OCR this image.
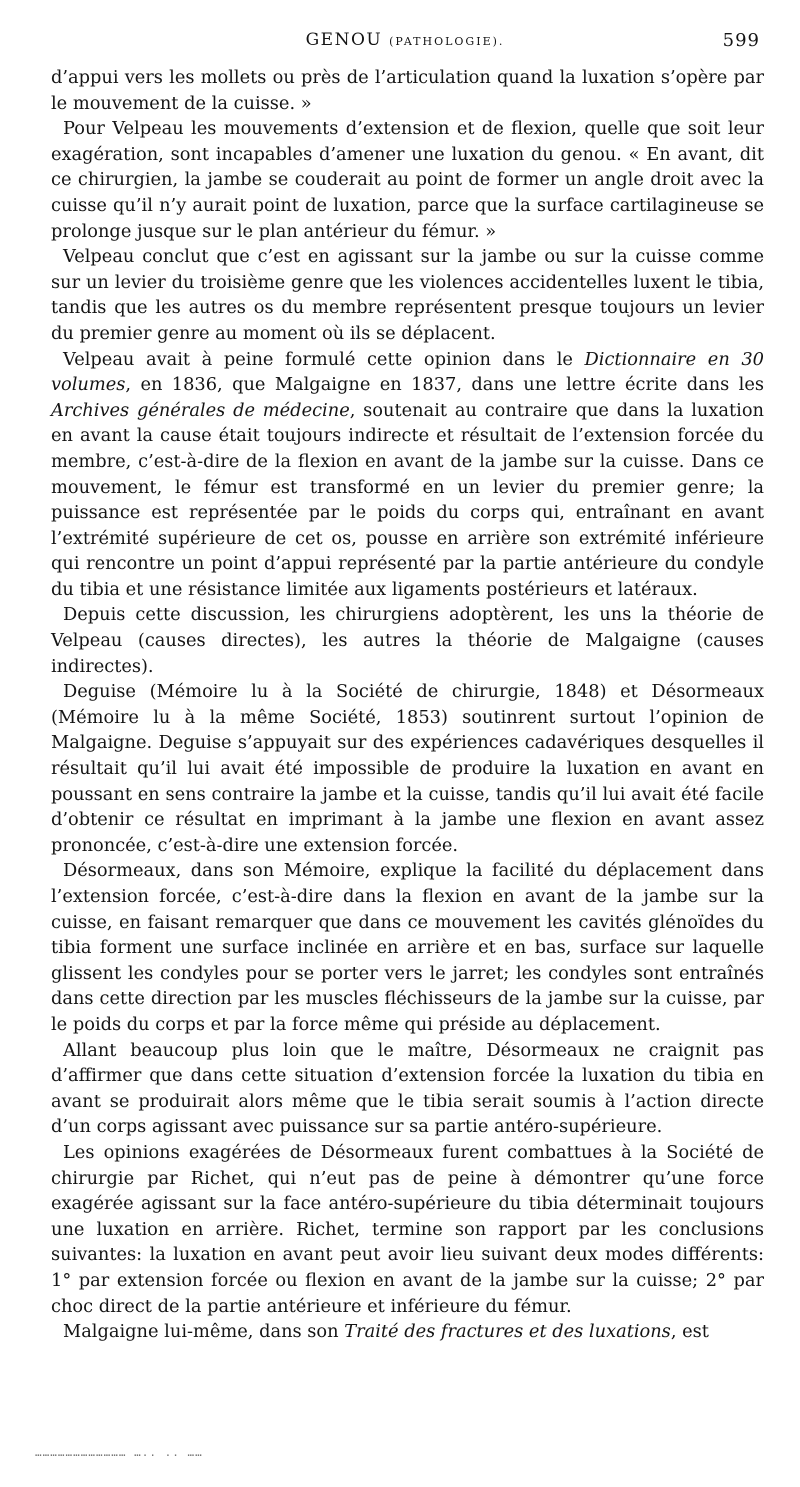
GENOU (PATHOLOGIE).	599

d’appui vers les mollets ou près de l’articulation quand la luxation s’opère par le mouvement de la cuisse. »

Pour Velpeau les mouvements d’extension et de flexion, quelle que soit leur exagération, sont incapables d’amener une luxation du genou. « En avant, dit ce chirurgien, la jambe se couderait au point de former un angle droit avec la cuisse qu’il n’y aurait point de luxation, parce que la surface cartilagineuse se prolonge jusque sur le plan antérieur du fémur. »

Velpeau conclut que c’est en agissant sur la jambe ou sur la cuisse comme sur un levier du troisième genre que les violences accidentelles luxent le tibia, tandis que les autres os du membre représentent presque toujours un levier du premier genre au moment où ils se déplacent.

Velpeau avait à peine formulé cette opinion dans le Dictionnaire en 30 volumes, en 1836, que Malgaigne en 1837, dans une lettre écrite dans les Archives générales de médecine, soutenait au contraire que dans la luxation en avant la cause était toujours indirecte et résultait de l’extension forcée du membre, c’est-à-dire de la flexion en avant de la jambe sur la cuisse. Dans ce mouvement, le fémur est transformé en un levier du premier genre; la puissance est représentée par le poids du corps qui, entraînant en avant l’extrémité supérieure de cet os, pousse en arrière son extrémité inférieure qui rencontre un point d’appui représenté par la partie antérieure du condyle du tibia et une résistance limitée aux ligaments postérieurs et latéraux.

Depuis cette discussion, les chirurgiens adoptèrent, les uns la théorie de Velpeau (causes directes), les autres la théorie de Malgaigne (causes indirectes).

Deguise (Mémoire lu à la Société de chirurgie, 1848) et Désormeaux (Mémoire lu à la même Société, 1853) soutinrent surtout l’opinion de Malgaigne. Deguise s’appuyait sur des expériences cadavériques desquelles il résultait qu’il lui avait été impossible de produire la luxation en avant en poussant en sens contraire la jambe et la cuisse, tandis qu’il lui avait été facile d’obtenir ce résultat en imprimant à la jambe une flexion en avant assez prononcée, c’est-à-dire une extension forcée.

Désormeaux, dans son Mémoire, explique la facilité du déplacement dans l’extension forcée, c’est-à-dire dans la flexion en avant de la jambe sur la cuisse, en faisant remarquer que dans ce mouvement les cavités glénoïdes du tibia forment une surface inclinée en arrière et en bas, surface sur laquelle glissent les condyles pour se porter vers le jarret; les condyles sont entraînés dans cette direction par les muscles fléchisseurs de la jambe sur la cuisse, par le poids du corps et par la force même qui préside au déplacement.

Allant beaucoup plus loin que le maître, Désormeaux ne craignit pas d’affirmer que dans cette situation d’extension forcée la luxation du tibia en avant se produirait alors même que le tibia serait soumis à l’action directe d’un corps agissant avec puissance sur sa partie antéro-supérieure.

Les opinions exagérées de Désormeaux furent combattues à la Société de chirurgie par Richet, qui n’eut pas de peine à démontrer qu’une force exagérée agissant sur la face antéro-supérieure du tibia déterminait toujours une luxation en arrière. Richet, termine son rapport par les conclusions suivantes: la luxation en avant peut avoir lieu suivant deux modes différents: 1° par extension forcée ou flexion en avant de la jambe sur la cuisse; 2° par choc direct de la partie antérieure et inférieure du fémur.

Malgaigne lui-même, dans son Traité des fractures et des luxations, est

……………………………… ….. .. ……
